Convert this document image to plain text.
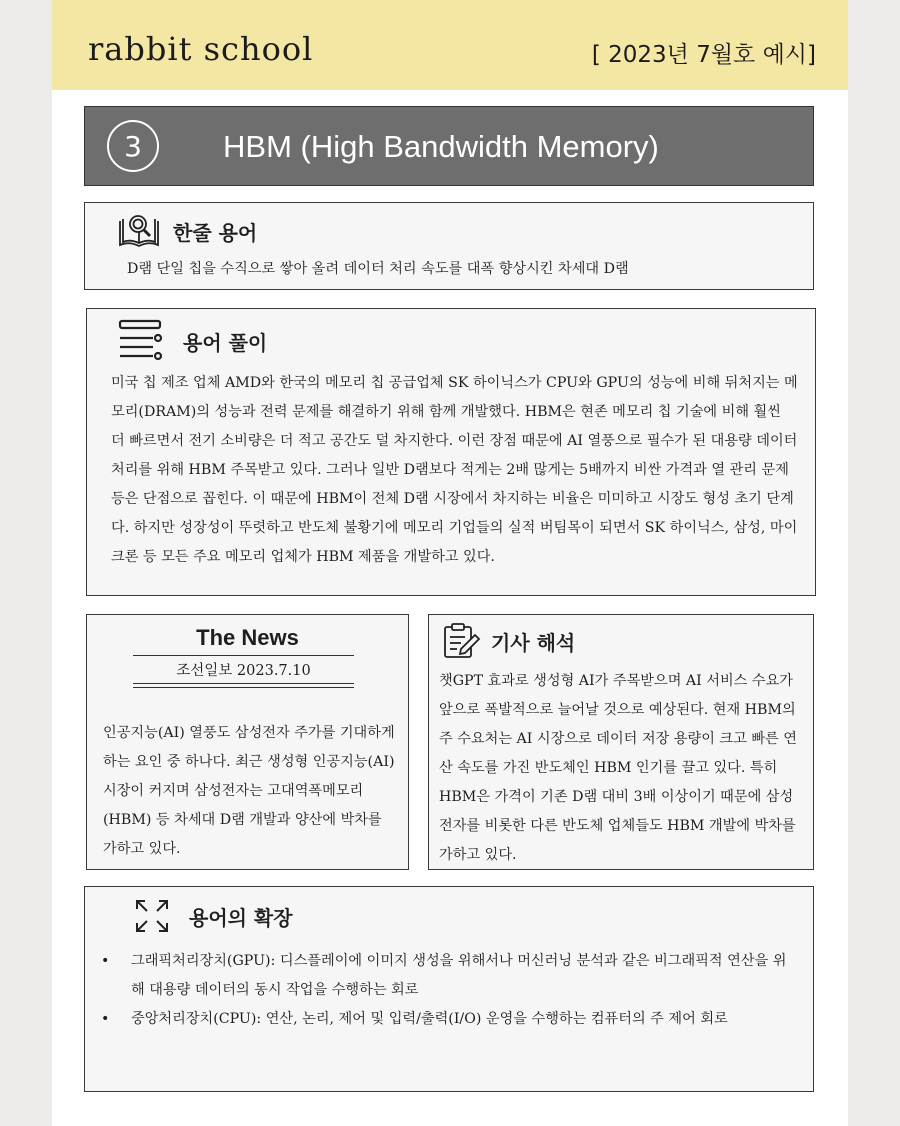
rabbit school	[ 2023년 7월호 예시]
3	HBM (High Bandwidth Memory)
한줄 용어
D램 단일 칩을 수직으로 쌓아 올려 데이터 처리 속도를 대폭 향상시킨 차세대 D램
용어 풀이
미국 칩 제조 업체 AMD와 한국의 메모리 칩 공급업체 SK 하이닉스가 CPU와 GPU의 성능에 비해 뒤처지는 메모리(DRAM)의 성능과 전력 문제를 해결하기 위해 함께 개발했다. HBM은 현존 메모리 칩 기술에 비해 훨씬 더 빠르면서 전기 소비량은 더 적고 공간도 덜 차지한다. 이런 장점 때문에 AI 열풍으로 필수가 된 대용량 데이터 처리를 위해 HBM 주목받고 있다. 그러나 일반 D램보다 적게는 2배 많게는 5배까지 비싼 가격과 열 관리 문제 등은 단점으로 꼽힌다. 이 때문에 HBM이 전체 D램 시장에서 차지하는 비율은 미미하고 시장도 형성 초기 단계다. 하지만 성장성이 뚜렷하고 반도체 불황기에 메모리 기업들의 실적 버팀목이 되면서 SK 하이닉스, 삼성, 마이크론 등 모든 주요 메모리 업체가 HBM 제품을 개발하고 있다.
The News
조선일보 2023.7.10
인공지능(AI) 열풍도 삼성전자 주가를 기대하게 하는 요인 중 하나다. 최근 생성형 인공지능(AI) 시장이 커지며 삼성전자는 고대역폭메모리(HBM) 등 차세대 D램 개발과 양산에 박차를 가하고 있다.
기사 해석
챗GPT 효과로 생성형 AI가 주목받으며 AI 서비스 수요가 앞으로 폭발적으로 늘어날 것으로 예상된다. 현재 HBM의 주 수요처는 AI 시장으로 데이터 저장 용량이 크고 빠른 연산 속도를 가진 반도체인 HBM 인기를 끌고 있다. 특히 HBM은 가격이 기존 D램 대비 3배 이상이기 때문에 삼성전자를 비롯한 다른 반도체 업체들도 HBM 개발에 박차를 가하고 있다.
용어의 확장
• 그래픽처리장치(GPU): 디스플레이에 이미지 생성을 위해서나 머신러닝 분석과 같은 비그래픽적 연산을 위해 대용량 데이터의 동시 작업을 수행하는 회로
• 중앙처리장치(CPU): 연산, 논리, 제어 및 입력/출력(I/O) 운영을 수행하는 컴퓨터의 주 제어 회로
